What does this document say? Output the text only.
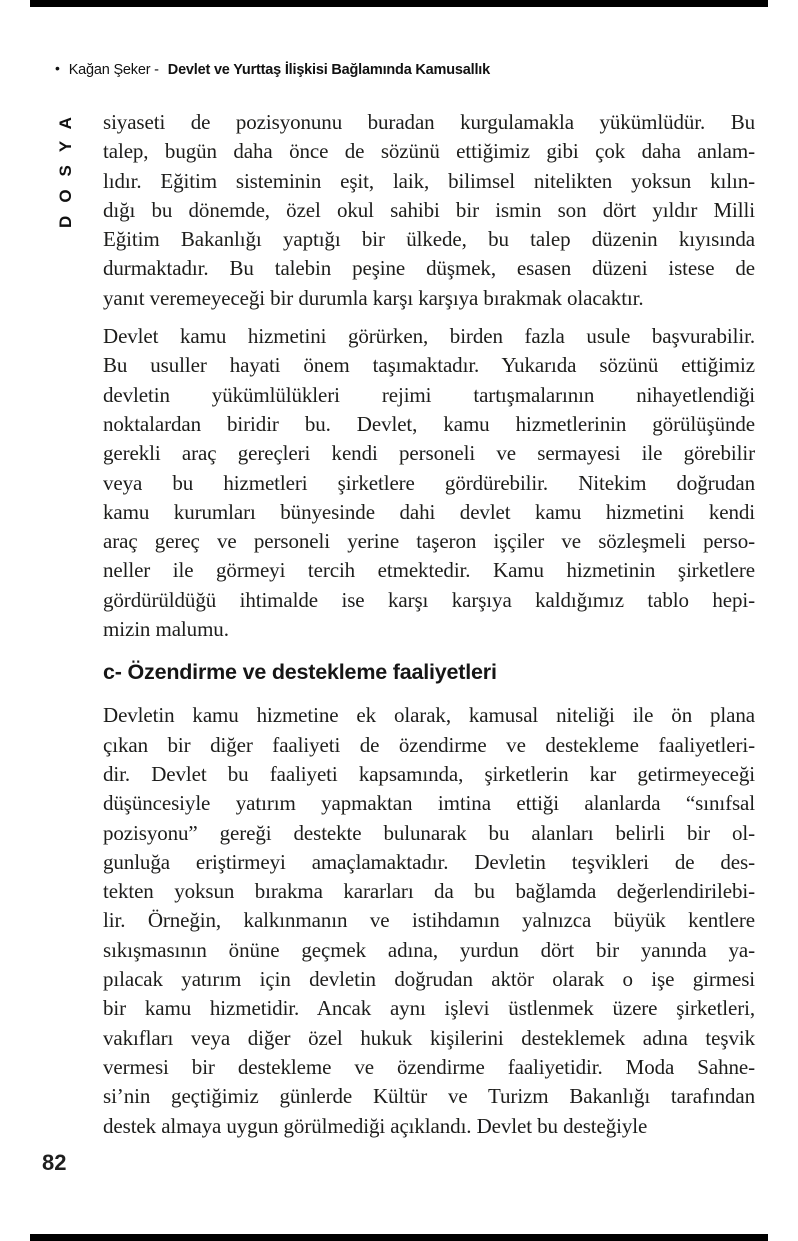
• Kağan Şeker - Devlet ve Yurttaş İlişkisi Bağlamında Kamusallık
DOSYA siyaseti de pozisyonunu buradan kurgulamakla yükümlüdür. Bu
talep, bugün daha önce de sözünü ettiğimiz gibi çok daha anlam-
lıdır. Eğitim sisteminin eşit, laik, bilimsel nitelikten yoksun kılın-
dığı bu dönemde, özel okul sahibi bir ismin son dört yıldır Milli
Eğitim Bakanlığı yaptığı bir ülkede, bu talep düzenin kıyısında
durmaktadır. Bu talebin peşine düşmek, esasen düzeni istese de
yanıt veremeyeceği bir durumla karşı karşıya bırakmak olacaktır.
Devlet kamu hizmetini görürken, birden fazla usule başvurabilir.
Bu usuller hayati önem taşımaktadır. Yukarıda sözünü ettiğimiz
devletin yükümlülükleri rejimi tartışmalarının nihayetlendiği
noktalardan biridir bu. Devlet, kamu hizmetlerinin görülüşünde
gerekli araç gereçleri kendi personeli ve sermayesi ile görebilir
veya bu hizmetleri şirketlere gördürebilir. Nitekim doğrudan
kamu kurumları bünyesinde dahi devlet kamu hizmetini kendi
araç gereç ve personeli yerine taşeron işçiler ve sözleşmeli perso-
neller ile görmeyi tercih etmektedir. Kamu hizmetinin şirketlere
gördürüldüğü ihtimalde ise karşı karşıya kaldığımız tablo hepi-
mizin malumu.
c- Özendirme ve destekleme faaliyetleri
Devletin kamu hizmetine ek olarak, kamusal niteliği ile ön plana
çıkan bir diğer faaliyeti de özendirme ve destekleme faaliyetleri-
dir. Devlet bu faaliyeti kapsamında, şirketlerin kar getirmeyeceği
düşüncesiyle yatırım yapmaktan imtina ettiği alanlarda “sınıfsal
pozisyonu” gereği destekte bulunarak bu alanları belirli bir ol-
gunluğa eriştirmeyi amaçlamaktadır. Devletin teşvikleri de des-
tekten yoksun bırakma kararları da bu bağlamda değerlendirilebi-
lir. Örneğin, kalkınmanın ve istihdamın yalnızca büyük kentlere
sıkışmasının önüne geçmek adına, yurdun dört bir yanında ya-
pılacak yatırım için devletin doğrudan aktör olarak o işe girmesi
bir kamu hizmetidir. Ancak aynı işlevi üstlenmek üzere şirketleri,
vakıfları veya diğer özel hukuk kişilerini desteklemek adına teşvik
vermesi bir destekleme ve özendirme faaliyetidir. Moda Sahne-
si’nin geçtiğimiz günlerde Kültür ve Turizm Bakanlığı tarafından
destek almaya uygun görülmediği açıklandı. Devlet bu desteğiyle
82
